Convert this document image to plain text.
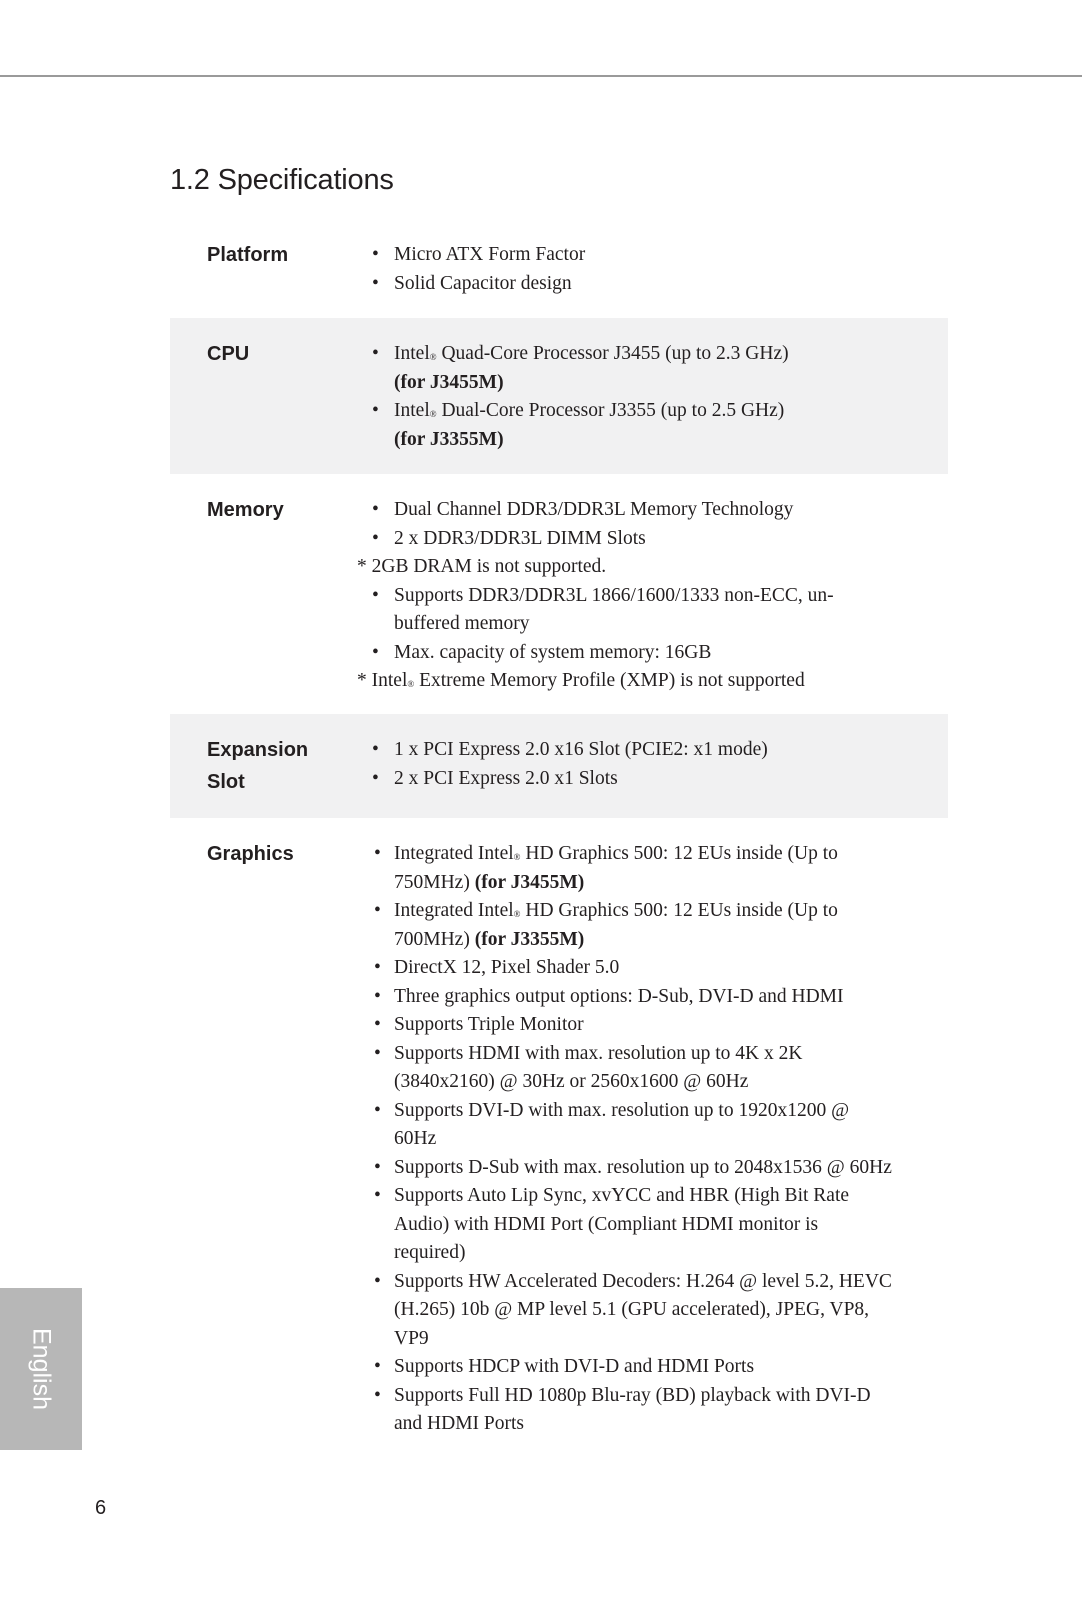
1.2 Specifications
Platform	• Micro ATX Form Factor
• Solid Capacitor design
CPU	• Intel® Quad-Core Processor J3455 (up to 2.3 GHz)
(for J3455M)
• Intel® Dual-Core Processor J3355 (up to 2.5 GHz)
(for J3355M)
Memory	• Dual Channel DDR3/DDR3L Memory Technology
• 2 x DDR3/DDR3L DIMM Slots
* 2GB DRAM is not supported.
• Supports DDR3/DDR3L 1866/1600/1333 non-ECC, un-buffered memory
• Max. capacity of system memory: 16GB
* Intel® Extreme Memory Profile (XMP) is not supported
Expansion
Slot
• 1 x PCI Express 2.0 x16 Slot (PCIE2: x1 mode)
• 2 x PCI Express 2.0 x1 Slots
Graphics	• Integrated Intel® HD Graphics 500: 12 EUs inside (Up to 750MHz) (for J3455M)
• Integrated Intel® HD Graphics 500: 12 EUs inside (Up to 700MHz) (for J3355M)
• DirectX 12, Pixel Shader 5.0
• Three graphics output options: D-Sub, DVI-D and HDMI
• Supports Triple Monitor
• Supports HDMI with max. resolution up to 4K x 2K (3840x2160) @ 30Hz or 2560x1600 @ 60Hz
• Supports DVI-D with max. resolution up to 1920x1200 @ 60Hz
• Supports D-Sub with max. resolution up to 2048x1536 @ 60Hz
• Supports Auto Lip Sync, xvYCC and HBR (High Bit Rate Audio) with HDMI Port (Compliant HDMI monitor is required)
• Supports HW Accelerated Decoders: H.264 @ level 5.2, HEVC (H.265) 10b @ MP level 5.1 (GPU accelerated), JPEG, VP8, VP9
• Supports HDCP with DVI-D and HDMI Ports
• Supports Full HD 1080p Blu-ray (BD) playback with DVI-D and HDMI Ports
English
6
